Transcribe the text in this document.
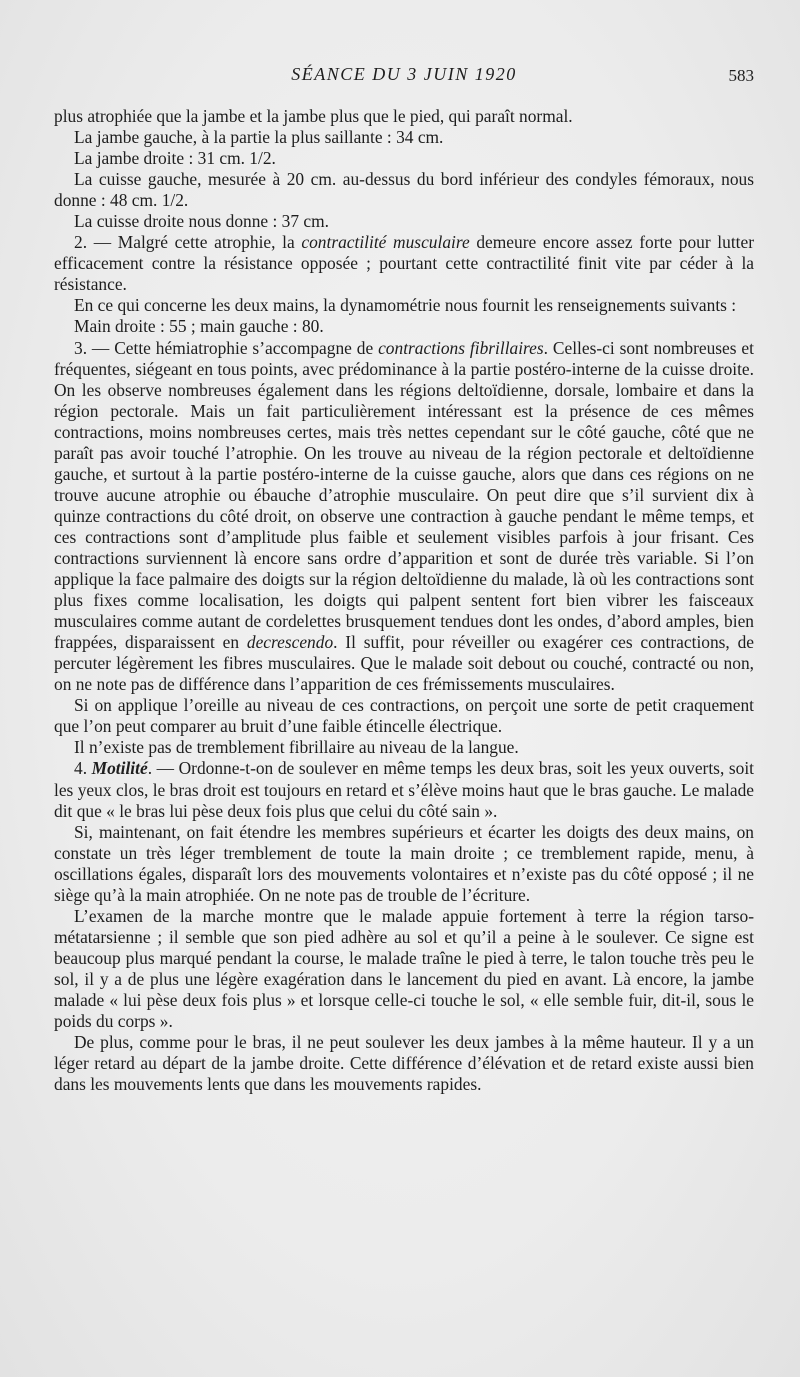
SÉANCE DU 3 JUIN 1920	583

plus atrophiée que la jambe et la jambe plus que le pied, qui paraît normal.

La jambe gauche, à la partie la plus saillante : 34 cm.

La jambe droite : 31 cm. 1/2.

La cuisse gauche, mesurée à 20 cm. au-dessus du bord inférieur des condyles fémoraux, nous donne : 48 cm. 1/2.

La cuisse droite nous donne : 37 cm.

2. — Malgré cette atrophie, la contractilité musculaire demeure encore assez forte pour lutter efficacement contre la résistance opposée ; pourtant cette contractilité finit vite par céder à la résistance.

En ce qui concerne les deux mains, la dynamométrie nous fournit les renseignements suivants :

Main droite : 55 ; main gauche : 80.

3. — Cette hémiatrophie s’accompagne de contractions fibrillaires. Celles-ci sont nombreuses et fréquentes, siégeant en tous points, avec prédominance à la partie postéro-interne de la cuisse droite. On les observe nombreuses également dans les régions deltoïdienne, dorsale, lombaire et dans la région pectorale. Mais un fait particulièrement intéressant est la présence de ces mêmes contractions, moins nombreuses certes, mais très nettes cependant sur le côté gauche, côté que ne paraît pas avoir touché l’atrophie. On les trouve au niveau de la région pectorale et deltoïdienne gauche, et surtout à la partie postéro-interne de la cuisse gauche, alors que dans ces régions on ne trouve aucune atrophie ou ébauche d’atrophie musculaire. On peut dire que s’il survient dix à quinze contractions du côté droit, on observe une contraction à gauche pendant le même temps, et ces contractions sont d’amplitude plus faible et seulement visibles parfois à jour frisant. Ces contractions surviennent là encore sans ordre d’apparition et sont de durée très variable. Si l’on applique la face palmaire des doigts sur la région deltoïdienne du malade, là où les contractions sont plus fixes comme localisation, les doigts qui palpent sentent fort bien vibrer les faisceaux musculaires comme autant de cordelettes brusquement tendues dont les ondes, d’abord amples, bien frappées, disparaissent en decrescendo. Il suffit, pour réveiller ou exagérer ces contractions, de percuter légèrement les fibres musculaires. Que le malade soit debout ou couché, contracté ou non, on ne note pas de différence dans l’apparition de ces frémissements musculaires.

Si on applique l’oreille au niveau de ces contractions, on perçoit une sorte de petit craquement que l’on peut comparer au bruit d’une faible étincelle électrique.

Il n’existe pas de tremblement fibrillaire au niveau de la langue.

4. Motilité. — Ordonne-t-on de soulever en même temps les deux bras, soit les yeux ouverts, soit les yeux clos, le bras droit est toujours en retard et s’élève moins haut que le bras gauche. Le malade dit que « le bras lui pèse deux fois plus que celui du côté sain ».

Si, maintenant, on fait étendre les membres supérieurs et écarter les doigts des deux mains, on constate un très léger tremblement de toute la main droite ; ce tremblement rapide, menu, à oscillations égales, disparaît lors des mouvements volontaires et n’existe pas du côté opposé ; il ne siège qu’à la main atrophiée. On ne note pas de trouble de l’écriture.

L’examen de la marche montre que le malade appuie fortement à terre la région tarso-métatarsienne ; il semble que son pied adhère au sol et qu’il a peine à le soulever. Ce signe est beaucoup plus marqué pendant la course, le malade traîne le pied à terre, le talon touche très peu le sol, il y a de plus une légère exagération dans le lancement du pied en avant. Là encore, la jambe malade « lui pèse deux fois plus » et lorsque celle-ci touche le sol, « elle semble fuir, dit-il, sous le poids du corps ».

De plus, comme pour le bras, il ne peut soulever les deux jambes à la même hauteur. Il y a un léger retard au départ de la jambe droite. Cette différence d’élévation et de retard existe aussi bien dans les mouvements lents que dans les mouvements rapides.
